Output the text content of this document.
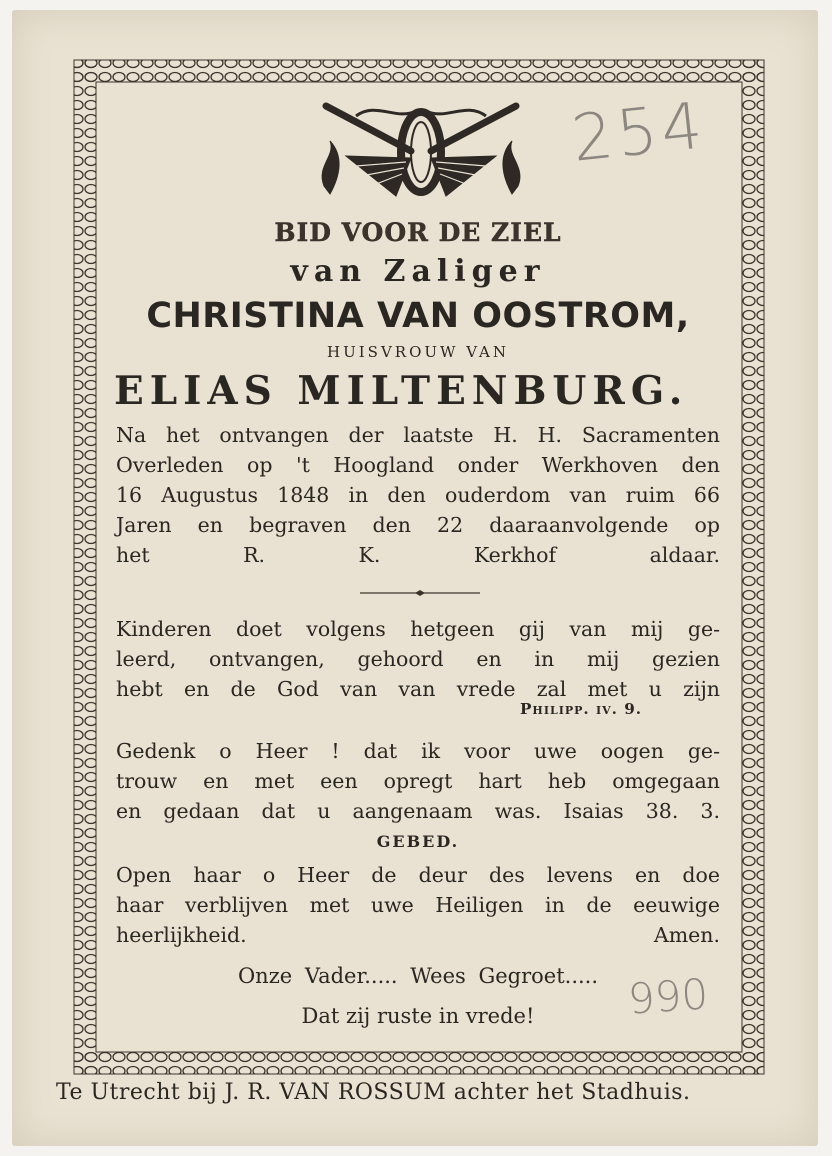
254
990
BID VOOR DE ZIEL
van Zaliger
CHRISTINA VAN OOSTROM,
HUISVROUW VAN
ELIAS MILTENBURG.
Na het ontvangen der laatste H. H. Sacramenten
Overleden op 't Hoogland onder Werkhoven den
16 Augustus 1848 in den ouderdom van ruim 66
Jaren en begraven den 22 daaraanvolgende op
het R. K. Kerkhof aldaar.
Kinderen doet volgens hetgeen gij van mij ge-
leerd, ontvangen, gehoord en in mij gezien
hebt en de God van van vrede zal met u zijn
Philipp. iv. 9.
Gedenk o Heer ! dat ik voor uwe oogen ge-
trouw en met een opregt hart heb omgegaan
en gedaan dat u aangenaam was. Isaias 38. 3.
GEBED.
Open haar o Heer de deur des levens en doe
haar verblijven met uwe Heiligen in de eeuwige
heerlijkheid. Amen.
Onze Vader..... Wees Gegroet.....
Dat zij ruste in vrede!
Te Utrecht bij J. R. VAN ROSSUM achter het Stadhuis.
